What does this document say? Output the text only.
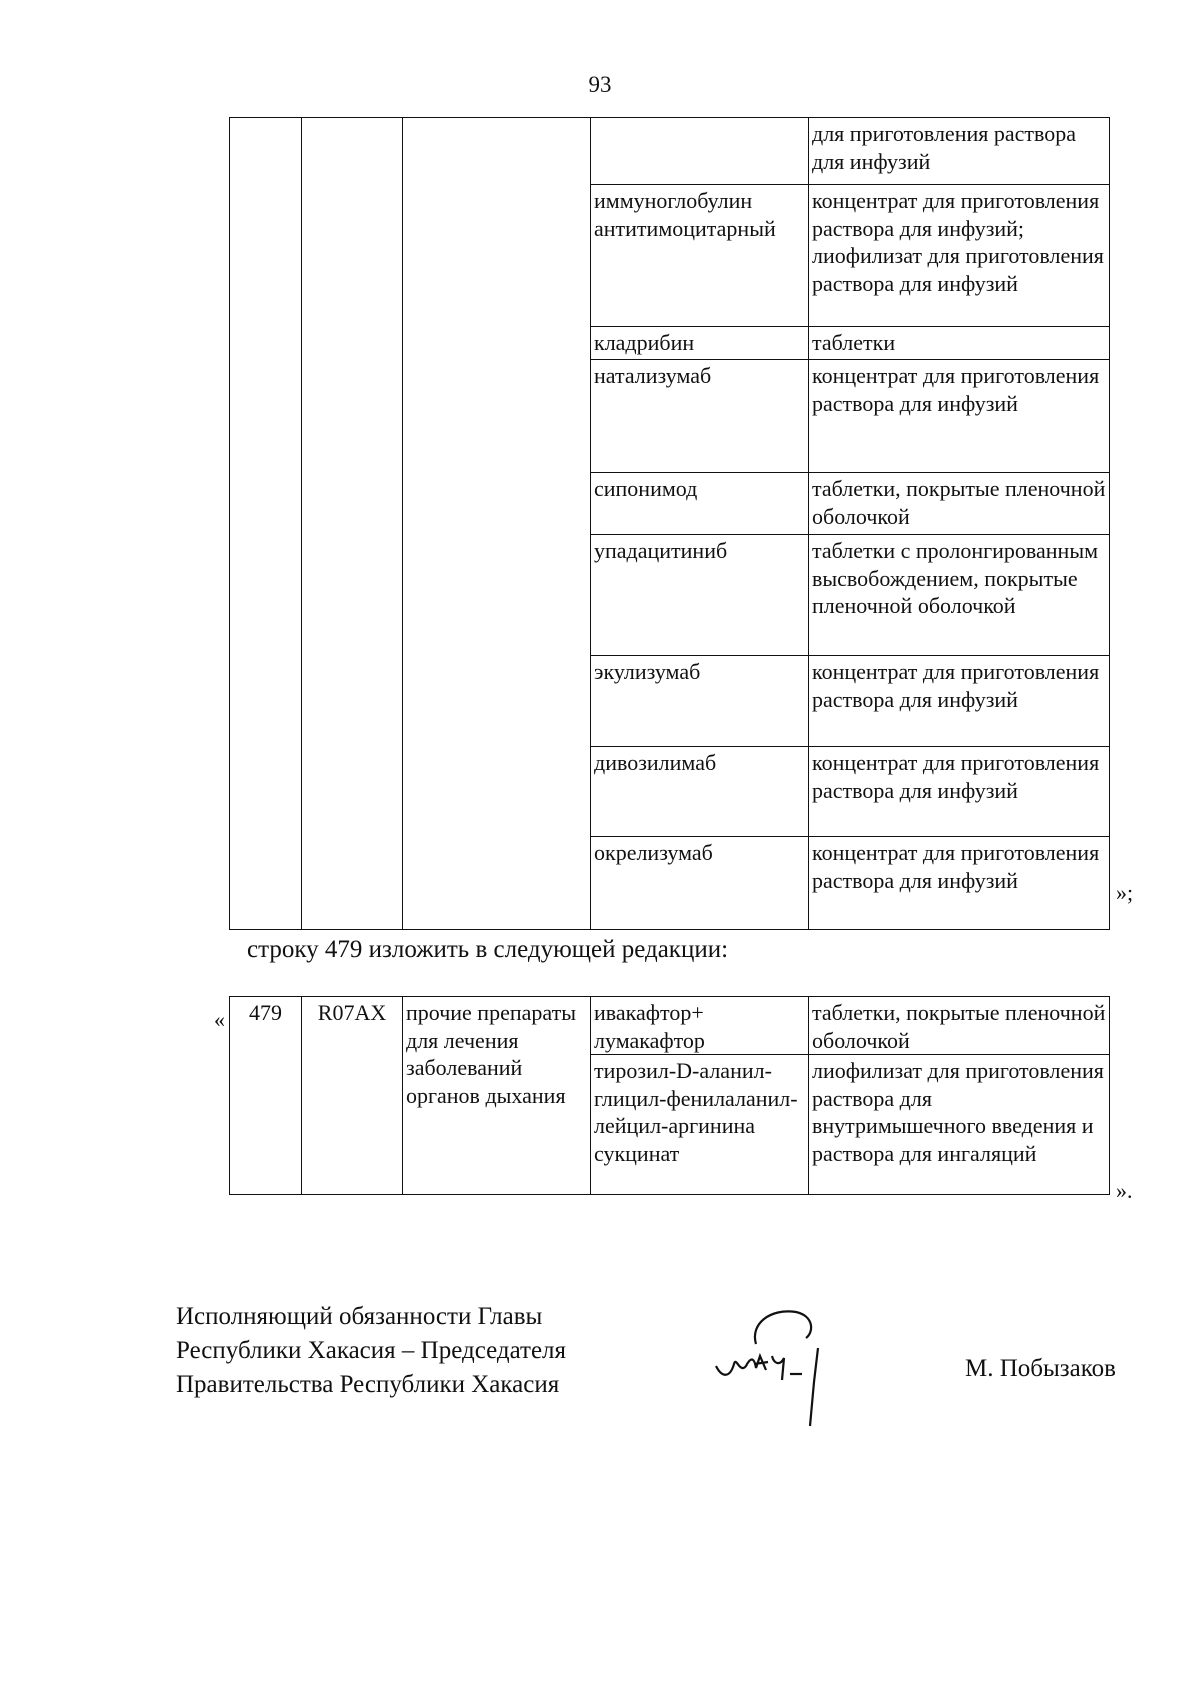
93
				для приготовления раствора для инфузий
			иммуноглобулин антитимоцитарный	концентрат для приготовления раствора для инфузий; лиофилизат для приготовления раствора для инфузий
			кладрибин	таблетки
			натализумаб	концентрат для приготовления раствора для инфузий
			сипонимод	таблетки, покрытые пленочной оболочкой
			упадацитиниб	таблетки с пролонгированным высвобождением, покрытые пленочной оболочкой
			экулизумаб	концентрат для приготовления раствора для инфузий
			дивозилимаб	концентрат для приготовления раствора для инфузий
			окрелизумаб	концентрат для приготовления раствора для инфузий	»;
строку 479 изложить в следующей редакции:
« 479	R07AX	прочие препараты для лечения заболеваний органов дыхания	ивакафтор+ лумакафтор	таблетки, покрытые пленочной оболочкой
			тирозил-D-аланил-глицил-фенилаланил-лейцил-аргинина сукцинат	лиофилизат для приготовления раствора для внутримышечного введения и раствора для ингаляций
».
Исполняющий обязанности Главы
Республики Хакасия – Председателя
Правительства Республики Хакасия
М. Побызаков
